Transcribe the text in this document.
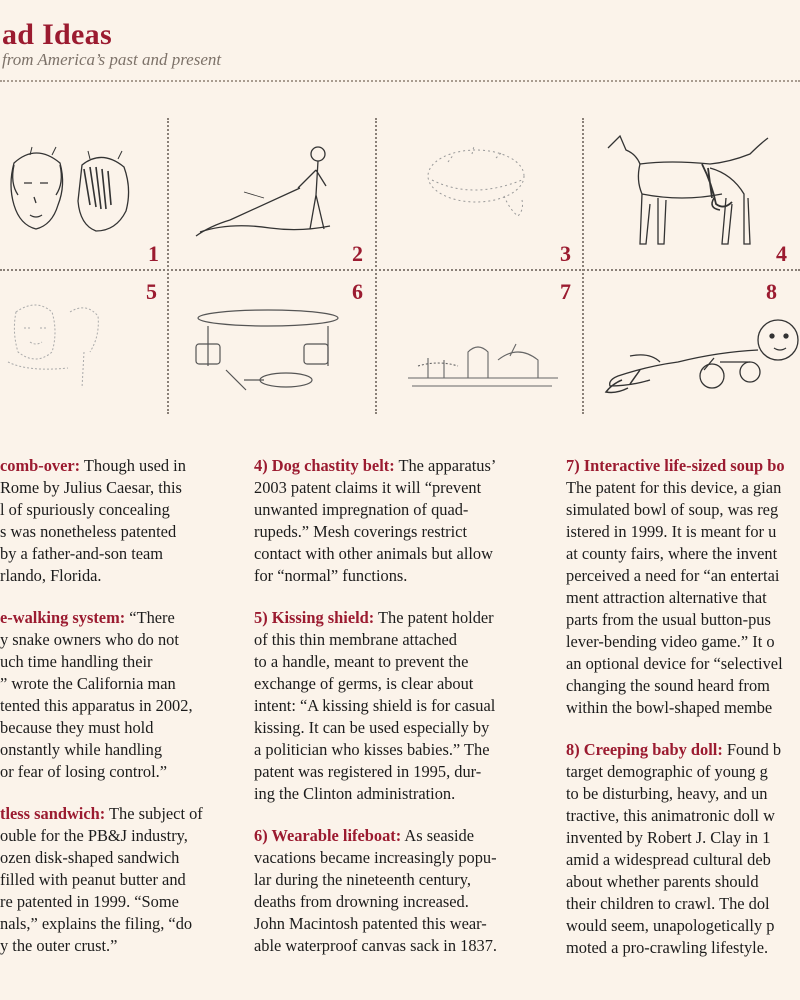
ad Ideas
from America’s past and present
1	2	3	4
5	6	7	8
comb-over: Though used in
Rome by Julius Caesar, this
l of spuriously concealing
s was nonetheless patented
by a father-and-son team
rlando, Florida.
e-walking system: “There
y snake owners who do not
uch time handling their
” wrote the California man
tented this apparatus in 2002,
because they must hold
onstantly while handling
or fear of losing control.”
tless sandwich: The subject of
ouble for the PB&J industry,
ozen disk-shaped sandwich
filled with peanut butter and
re patented in 1999. “Some
nals,” explains the filing, “do
y the outer crust.”
4) Dog chastity belt: The apparatus’
2003 patent claims it will “prevent
unwanted impregnation of quad-
rupeds.” Mesh coverings restrict
contact with other animals but allow
for “normal” functions.
5) Kissing shield: The patent holder
of this thin membrane attached
to a handle, meant to prevent the
exchange of germs, is clear about
intent: “A kissing shield is for casual
kissing. It can be used especially by
a politician who kisses babies.” The
patent was registered in 1995, dur-
ing the Clinton administration.
6) Wearable lifeboat: As seaside
vacations became increasingly popu-
lar during the nineteenth century,
deaths from drowning increased.
John Macintosh patented this wear-
able waterproof canvas sack in 1837.
7) Interactive life-sized soup bo
The patent for this device, a gian
simulated bowl of soup, was reg
istered in 1999. It is meant for u
at county fairs, where the invent
perceived a need for “an entertai
ment attraction alternative that
parts from the usual button-pus
lever-bending video game.” It o
an optional device for “selectivel
changing the sound heard from
within the bowl-shaped membe
8) Creeping baby doll: Found b
target demographic of young g
to be disturbing, heavy, and un
tractive, this animatronic doll w
invented by Robert J. Clay in 1
amid a widespread cultural deb
about whether parents should
their children to crawl. The dol
would seem, unapologetically p
moted a pro-crawling lifestyle.
